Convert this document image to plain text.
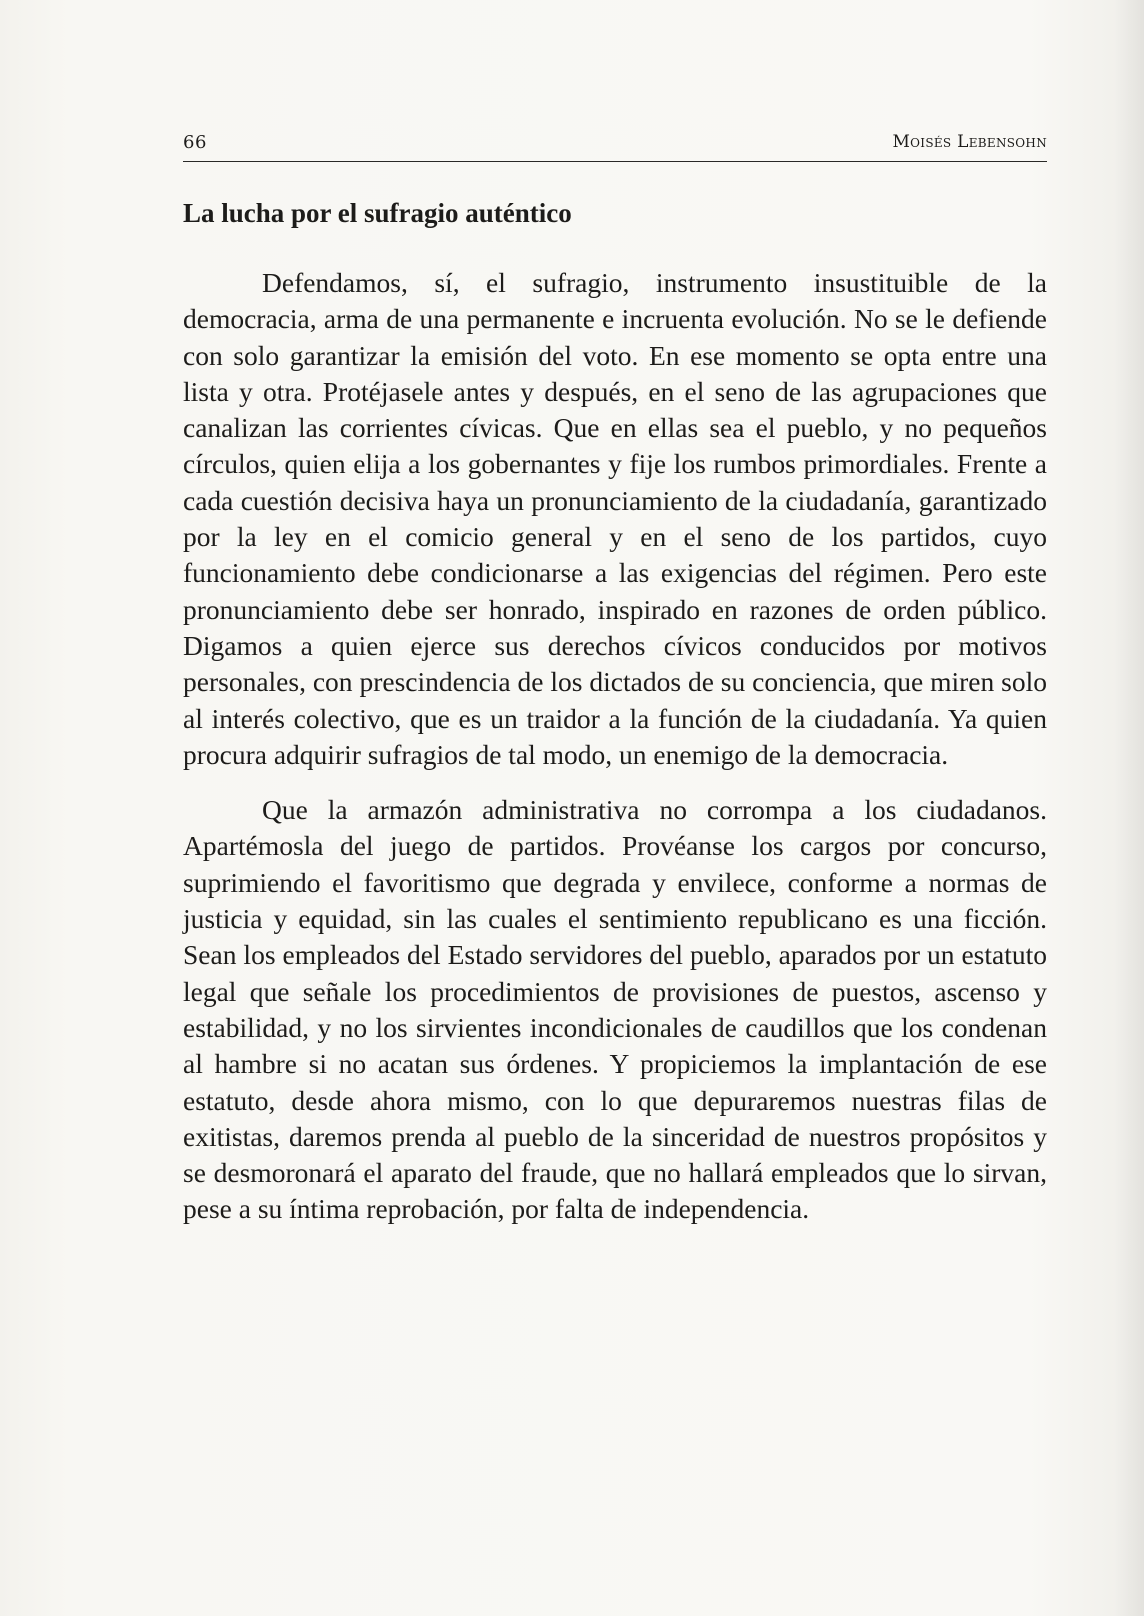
66	Moisés Lebensohn
La lucha por el sufragio auténtico

Defendamos, sí, el sufragio, instrumento insustituible de la democracia, arma de una permanente e incruenta evolución. No se le defiende con solo garantizar la emisión del voto. En ese momento se opta entre una lista y otra. Protéjasele antes y después, en el seno de las agrupaciones que canalizan las corrientes cívicas. Que en ellas sea el pueblo, y no pequeños círculos, quien elija a los gobernantes y fije los rumbos primordiales. Frente a cada cuestión decisiva haya un pronunciamiento de la ciudadanía, garantizado por la ley en el comicio general y en el seno de los partidos, cuyo funcionamiento debe condicionarse a las exigencias del régimen. Pero este pronunciamiento debe ser honrado, inspirado en razones de orden público. Digamos a quien ejerce sus derechos cívicos conducidos por motivos personales, con prescindencia de los dictados de su conciencia, que miren solo al interés colectivo, que es un traidor a la función de la ciudadanía. Ya quien procura adquirir sufragios de tal modo, un enemigo de la democracia.

Que la armazón administrativa no corrompa a los ciudadanos. Apartémosla del juego de partidos. Provéanse los cargos por concurso, suprimiendo el favoritismo que degrada y envilece, conforme a normas de justicia y equidad, sin las cuales el sentimiento republicano es una ficción. Sean los empleados del Estado servidores del pueblo, aparados por un estatuto legal que señale los procedimientos de provisiones de puestos, ascenso y estabilidad, y no los sirvientes incondicionales de caudillos que los condenan al hambre si no acatan sus órdenes. Y propiciemos la implantación de ese estatuto, desde ahora mismo, con lo que depuraremos nuestras filas de exitistas, daremos prenda al pueblo de la sinceridad de nuestros propósitos y se desmoronará el aparato del fraude, que no hallará empleados que lo sirvan, pese a su íntima reprobación, por falta de independencia.
